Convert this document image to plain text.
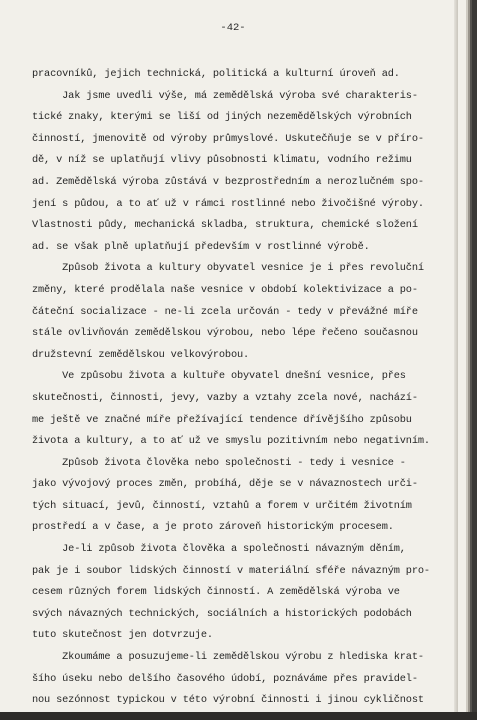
-42-
pracovníků, jejich technická, politická a kulturní úroveň ad.
Jak jsme uvedli výše, má zemědělská výroba své charakteris-
tické znaky, kterými se liší od jiných nezemědělských výrobních
činností, jmenovitě od výroby průmyslové. Uskutečňuje se v příro-
dě, v níž se uplatňují vlivy působnosti klimatu, vodního režimu
ad. Zemědělská výroba zůstává v bezprostředním a nerozlučném spo-
jení s půdou, a to ať už v rámci rostlinné nebo živočišné výroby.
Vlastnosti půdy, mechanická skladba, struktura, chemické složení
ad. se však plně uplatňují především v rostlinné výrobě.
Způsob života a kultury obyvatel vesnice je i přes revoluční
změny, které prodělala naše vesnice v období kolektivizace a po-
čáteční socializace - ne-li zcela určován - tedy v převážné míře
stále ovlivňován zemědělskou výrobou, nebo lépe řečeno současnou
družstevní zemědělskou velkovýrobou.
Ve způsobu života a kultuře obyvatel dnešní vesnice, přes
skutečnosti, činnosti, jevy, vazby a vztahy zcela nové, nachází-
me ještě ve značné míře přežívající tendence dřívějšího způsobu
života a kultury, a to ať už ve smyslu pozitivním nebo negativním.
Způsob života člověka nebo společnosti - tedy i vesnice -
jako vývojový proces změn, probíhá, děje se v návaznostech urči-
tých situací, jevů, činností, vztahů a forem v určitém životním
prostředí a v čase, a je proto zároveň historickým procesem.
Je-li způsob života člověka a společnosti návazným děním,
pak je i soubor lidských činností v materiální sféře návazným pro-
cesem různých forem lidských činností. A zemědělská výroba ve
svých návazných technických, sociálních a historických podobách
tuto skutečnost jen dotvrzuje.
Zkoumáme a posuzujeme-li zemědělskou výrobu z hlediska krat-
šího úseku nebo delšího časového údobí, poznáváme přes pravidel-
nou sezónnost typickou v této výrobní činnosti i jinou cykličnost
